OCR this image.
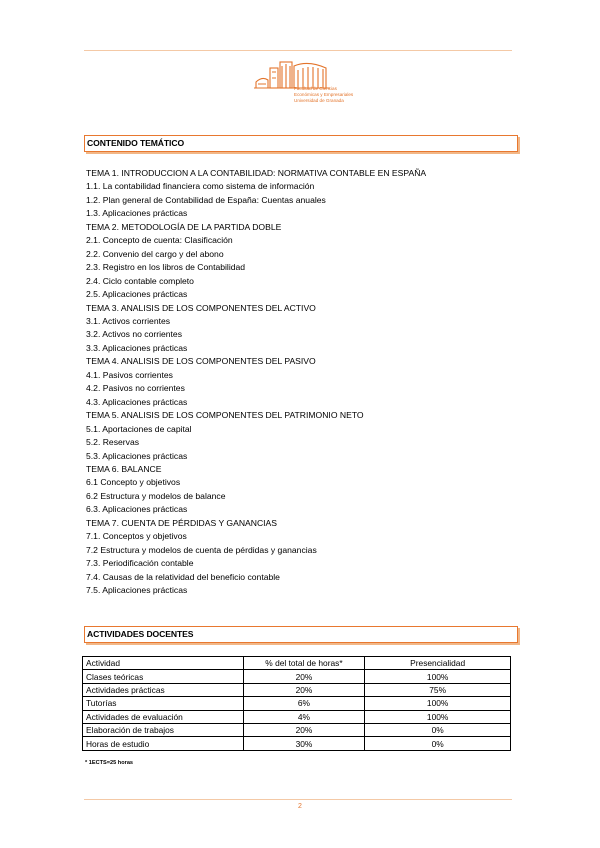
Facultad de Ciencias
Económicas y Empresariales
Universidad de Granada
CONTENIDO TEMÁTICO
TEMA 1. INTRODUCCION A LA CONTABILIDAD: NORMATIVA CONTABLE EN ESPAÑA
1.1. La contabilidad financiera como sistema de información
1.2. Plan general de Contabilidad de España: Cuentas anuales
1.3. Aplicaciones prácticas
TEMA 2. METODOLOGÍA DE LA PARTIDA DOBLE
2.1. Concepto de cuenta: Clasificación
2.2. Convenio del cargo y del abono
2.3. Registro en los libros de Contabilidad
2.4. Ciclo contable completo
2.5. Aplicaciones prácticas
TEMA 3. ANALISIS DE LOS COMPONENTES DEL ACTIVO
3.1. Activos corrientes
3.2. Activos no corrientes
3.3. Aplicaciones prácticas
TEMA 4. ANALISIS DE LOS COMPONENTES DEL PASIVO
4.1. Pasivos corrientes
4.2. Pasivos no corrientes
4.3. Aplicaciones prácticas
TEMA 5. ANALISIS DE LOS COMPONENTES DEL PATRIMONIO NETO
5.1. Aportaciones de capital
5.2. Reservas
5.3. Aplicaciones prácticas
TEMA 6. BALANCE
6.1 Concepto y objetivos
6.2 Estructura y modelos de balance
6.3. Aplicaciones prácticas
TEMA 7. CUENTA DE PÉRDIDAS Y GANANCIAS
7.1. Conceptos y objetivos
7.2 Estructura y modelos de cuenta de pérdidas y ganancias
7.3. Periodificación contable
7.4. Causas de la relatividad del beneficio contable
7.5. Aplicaciones prácticas
ACTIVIDADES DOCENTES
Actividad	% del total de horas*	Presencialidad
Clases teóricas	20%	100%
Actividades prácticas	20%	75%
Tutorías	6%	100%
Actividades de evaluación	4%	100%
Elaboración de trabajos	20%	0%
Horas de estudio	30%	0%
* 1ECTS=25 horas
2
